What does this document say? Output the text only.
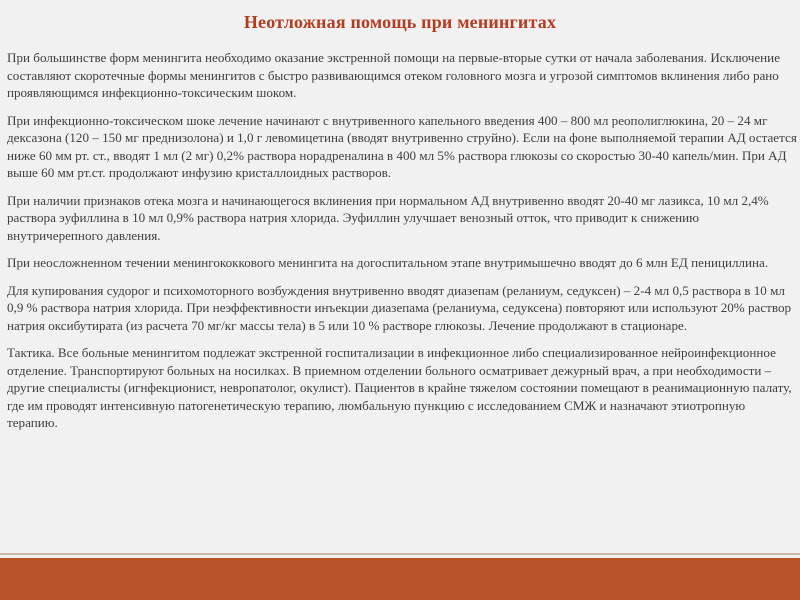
Неотложная помощь при менингитах

При большинстве форм менингита необходимо оказание экстренной помощи на первые-вторые сутки от начала заболевания. Исключение составляют скоротечные формы менингитов с быстро развивающимся отеком головного мозга и угрозой симптомов вклинения либо рано проявляющимся инфекционно-токсическим шоком.

При инфекционно-токсическом шоке лечение начинают с внутривенного капельного введения 400 – 800 мл реополиглюкина, 20 – 24 мг дексазона (120 – 150 мг преднизолона) и 1,0 г левомицетина (вводят внутривенно струйно). Если на фоне выполняемой терапии АД остается ниже 60 мм рт. ст., вводят 1 мл (2 мг) 0,2% раствора норадреналина в 400 мл 5% раствора глюкозы со скоростью 30-40 капель/мин. При АД выше 60 мм рт.ст. продолжают инфузию кристаллоидных растворов.

При наличии признаков отека мозга и начинающегося вклинения при нормальном АД внутривенно вводят 20-40 мг лазикса, 10 мл 2,4% раствора эуфиллина в 10 мл 0,9% раствора натрия хлорида. Эуфиллин улучшает венозный отток, что приводит к снижению внутричерепного давления.

При неосложненном течении менингококкового менингита на догоспитальном этапе внутримышечно вводят до 6 млн ЕД пенициллина.

Для купирования судорог и психомоторного возбуждения внутривенно вводят диазепам (реланиум, седуксен) – 2-4 мл 0,5 раствора в 10 мл 0,9 % раствора натрия хлорида. При неэффективности инъекции диазепама (реланиума, седуксена) повторяют или используют 20% раствор натрия оксибутирата (из расчета 70 мг/кг массы тела) в 5 или 10 % растворе глюкозы. Лечение продолжают в стационаре.

Тактика. Все больные менингитом подлежат экстренной госпитализации в инфекционное либо специализированное нейроинфекционное отделение. Транспортируют больных на носилках. В приемном отделении больного осматривает дежурный врач, а при необходимости – другие специалисты (игнфекционист, невропатолог, окулист). Пациентов в крайне тяжелом состоянии помещают в реанимационную палату, где им проводят интенсивную патогенетическую терапию, люмбальную пункцию с исследованием СМЖ и назначают этиотропную терапию.
